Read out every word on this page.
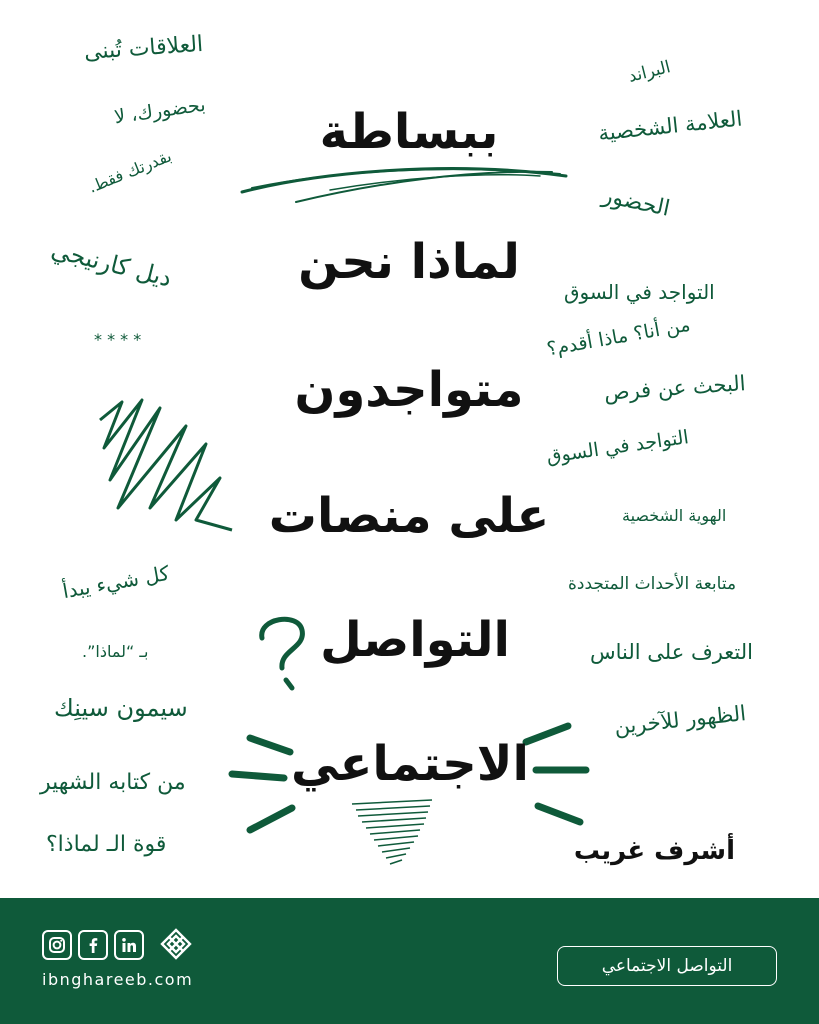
ببساطة
لماذا نحن
متواجدون
على منصات
التواصل
الاجتماعي
العلاقات تُبنى
بحضورك، لا
بقدرتك فقط.
ديل كارنيجي
* * * *
كل شيء يبدأ
بـ “لماذا”.
سيمون سينِك
من كتابه الشهير
قوة الـ لماذا؟
البراند
العلامة الشخصية
الحضور
التواجد في السوق
من أنا؟ ماذا أقدم؟
البحث عن فرص
التواجد في السوق
الهوية الشخصية
متابعة الأحداث المتجددة
التعرف على الناس
الظهور للآخرين
أشرف غريب
ibnghareeb.com
التواصل الاجتماعي
